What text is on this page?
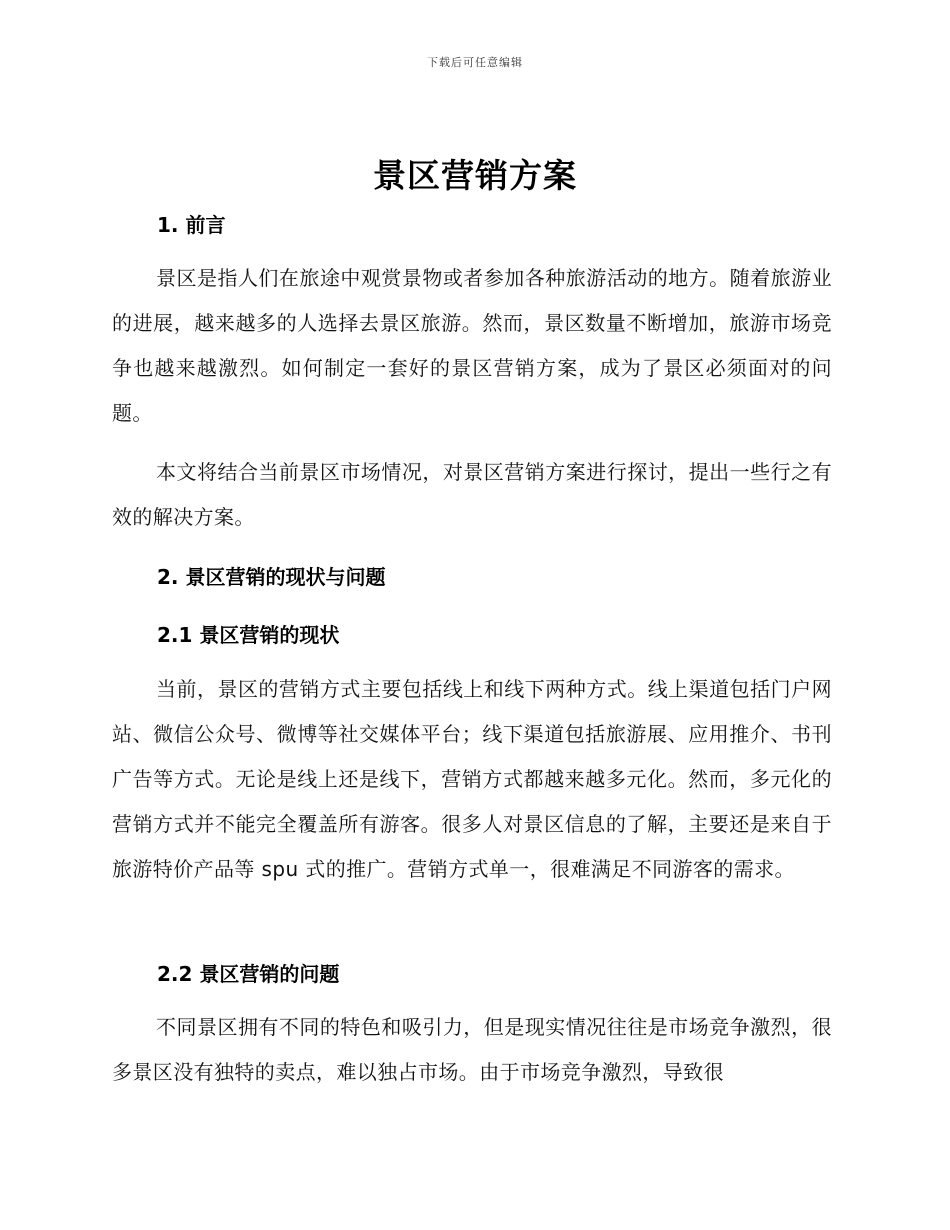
下载后可任意编辑
景区营销方案
1. 前言

景区是指人们在旅途中观赏景物或者参加各种旅游活动的地方。随着旅游业的进展，越来越多的人选择去景区旅游。然而，景区数量不断增加，旅游市场竞争也越来越激烈。如何制定一套好的景区营销方案，成为了景区必须面对的问题。

本文将结合当前景区市场情况，对景区营销方案进行探讨，提出一些行之有效的解决方案。

2. 景区营销的现状与问题
2.1 景区营销的现状

当前，景区的营销方式主要包括线上和线下两种方式。线上渠道包括门户网站、微信公众号、微博等社交媒体平台；线下渠道包括旅游展、应用推介、书刊广告等方式。无论是线上还是线下，营销方式都越来越多元化。然而，多元化的营销方式并不能完全覆盖所有游客。很多人对景区信息的了解，主要还是来自于旅游特价产品等 spu 式的推广。营销方式单一，很难满足不同游客的需求。

2.2 景区营销的问题

不同景区拥有不同的特色和吸引力，但是现实情况往往是市场竞争激烈，很多景区没有独特的卖点，难以独占市场。由于市场竞争激烈，导致很
